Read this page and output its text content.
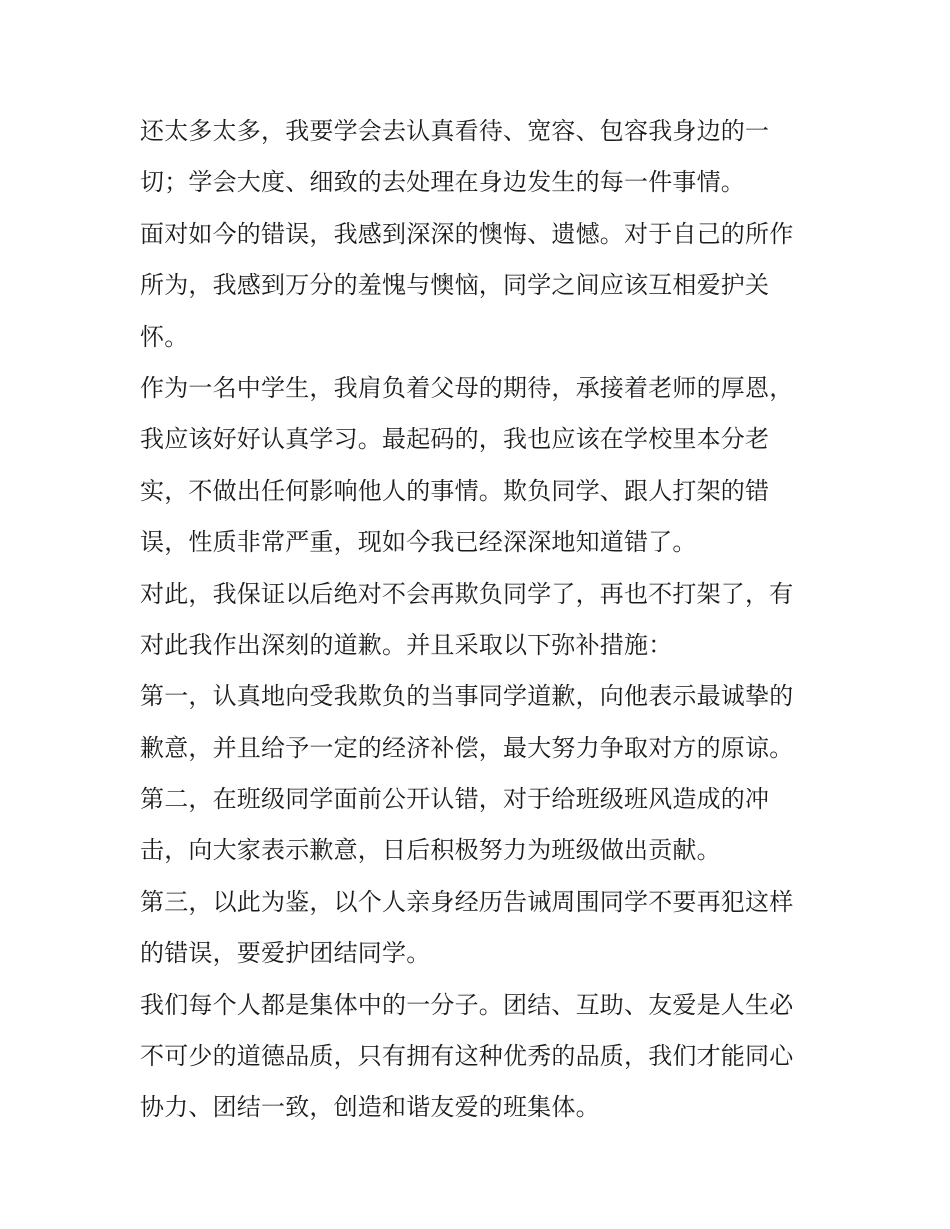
还太多太多，我要学会去认真看待、宽容、包容我身边的一
切；学会大度、细致的去处理在身边发生的每一件事情。
面对如今的错误，我感到深深的懊悔、遗憾。对于自己的所作
所为，我感到万分的羞愧与懊恼，同学之间应该互相爱护关
怀。
作为一名中学生，我肩负着父母的期待，承接着老师的厚恩，
我应该好好认真学习。最起码的，我也应该在学校里本分老
实，不做出任何影响他人的事情。欺负同学、跟人打架的错
误，性质非常严重，现如今我已经深深地知道错了。
对此，我保证以后绝对不会再欺负同学了，再也不打架了，有
对此我作出深刻的道歉。并且采取以下弥补措施：
第一，认真地向受我欺负的当事同学道歉，向他表示最诚挚的
歉意，并且给予一定的经济补偿，最大努力争取对方的原谅。
第二，在班级同学面前公开认错，对于给班级班风造成的冲
击，向大家表示歉意，日后积极努力为班级做出贡献。
第三，以此为鉴，以个人亲身经历告诫周围同学不要再犯这样
的错误，要爱护团结同学。
我们每个人都是集体中的一分子。团结、互助、友爱是人生必
不可少的道德品质，只有拥有这种优秀的品质，我们才能同心
协力、团结一致，创造和谐友爱的班集体。
